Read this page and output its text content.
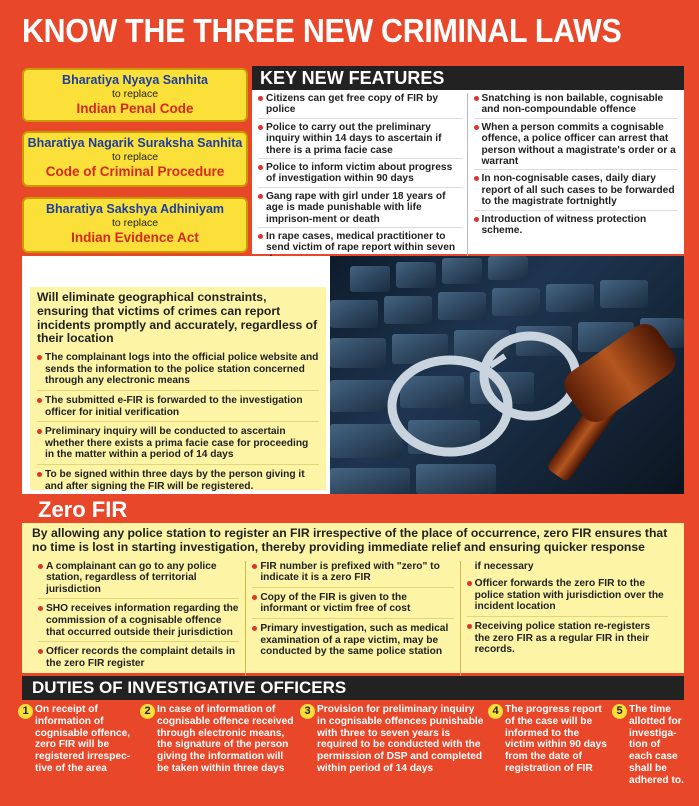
KNOW THE THREE NEW CRIMINAL LAWS
Bharatiya Nyaya Sanhita
to replace
Indian Penal Code
Bharatiya Nagarik Suraksha Sanhita
to replace
Code of Criminal Procedure
Bharatiya Sakshya Adhiniyam
to replace
Indian Evidence Act
KEY NEW FEATURES
Citizens can get free copy of FIR by police
Police to carry out the preliminary inquiry within 14 days to ascertain if there is a prima facie case
Police to inform victim about progress of investigation within 90 days
Gang rape with girl under 18 years of age is made punishable with life imprison-ment or death
In rape cases, medical practitioner to send victim of rape report within seven
Snatching is non bailable, cognisable and non-compoundable offence
When a person commits a cognisable offence, a police officer can arrest that person without a magistrate's order or a warrant
In non-cognisable cases, daily diary report of all such cases to be forwarded to the magistrate fortnightly
Introduction of witness protection scheme.
E-FIR
Will eliminate geographical constraints, ensuring that victims of crimes can report incidents promptly and accurately, regardless of their location
The complainant logs into the official police website and sends the information to the police station concerned through any electronic means
The submitted e-FIR is forwarded to the investigation officer for initial verification
Preliminary inquiry will be conducted to ascertain whether there exists a prima facie case for proceeding in the matter within a period of 14 days
To be signed within three days by the person giving it and after signing the FIR will be registered.
Zero FIR
By allowing any police station to register an FIR irrespective of the place of occurrence, zero FIR ensures that no time is lost in starting investigation, thereby providing immediate relief and ensuring quicker response
A complainant can go to any police station, regardless of territorial jurisdiction
SHO receives information regarding the commission of a cognisable offence that occurred outside their jurisdiction
Officer records the complaint details in the zero FIR register
FIR number is prefixed with "zero" to indicate it is a zero FIR
Copy of the FIR is given to the informant or victim free of cost
Primary investigation, such as medical examination of a rape victim, may be conducted by the same police station
if necessary
Officer forwards the zero FIR to the police station with jurisdiction over the incident location
Receiving police station re-registers the zero FIR as a regular FIR in their records.
DUTIES OF INVESTIGATIVE OFFICERS
1 On receipt of information of cognisable offence, zero FIR will be registered irrespec-tive of the area
2 In case of information of cognisable offence received through electronic means, the signature of the person giving the information will be taken within three days
3 Provision for preliminary inquiry in cognisable offences punishable with three to seven years is required to be conducted with the permission of DSP and completed within period of 14 days
4 The progress report of the case will be informed to the victim within 90 days from the date of registration of FIR
5 The time allotted for investiga-tion of each case shall be adhered to.
